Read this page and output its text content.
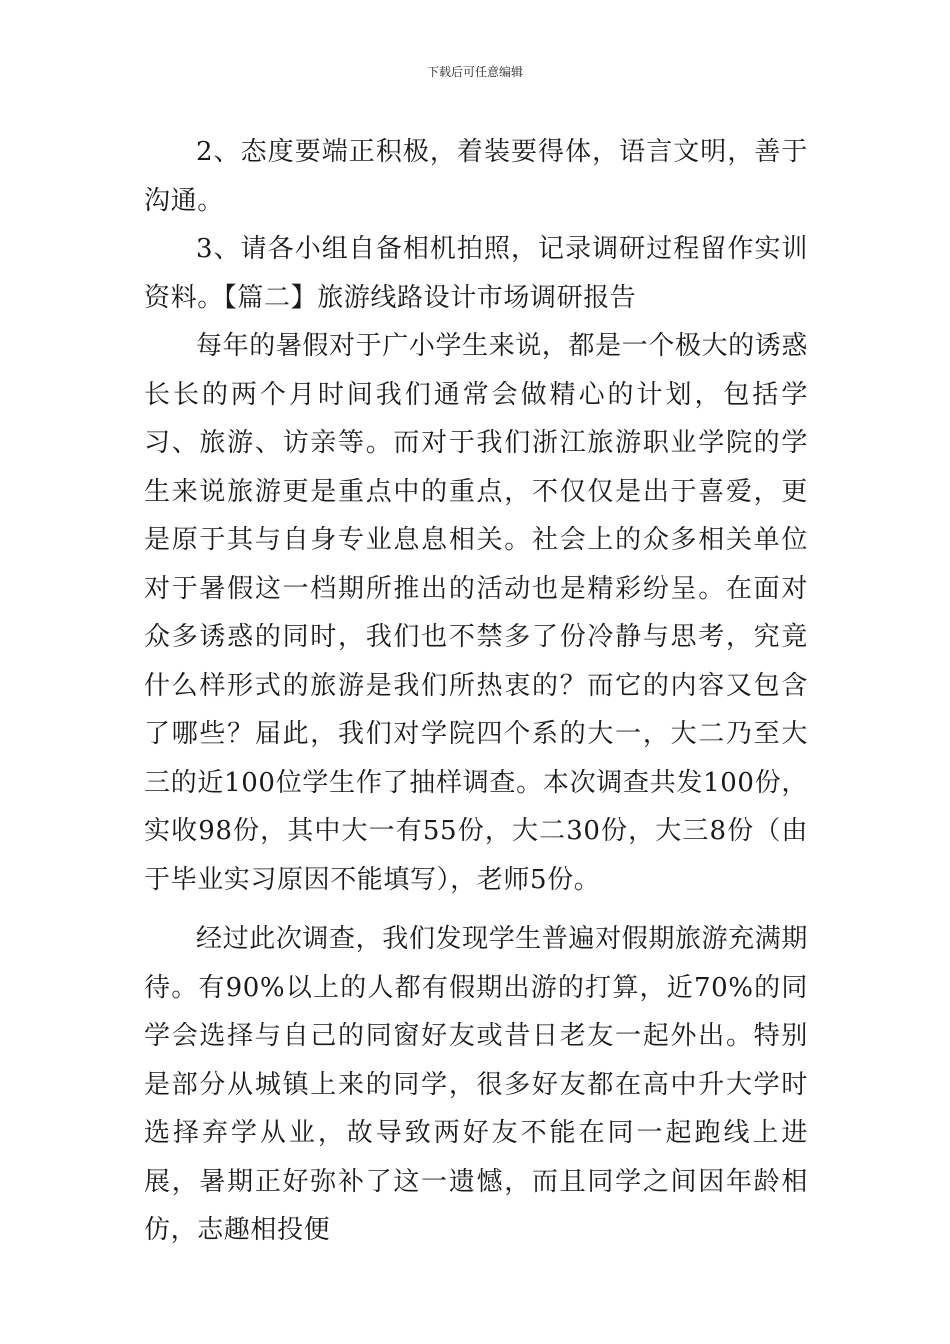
下载后可任意编辑

2、态度要端正积极，着装要得体，语言文明，善于沟通。

3、请各小组自备相机拍照，记录调研过程留作实训资料。【篇二】旅游线路设计市场调研报告

每年的暑假对于广小学生来说，都是一个极大的诱惑长长的两个月时间我们通常会做精心的计划，包括学习、旅游、访亲等。而对于我们浙江旅游职业学院的学生来说旅游更是重点中的重点，不仅仅是出于喜爱，更是原于其与自身专业息息相关。社会上的众多相关单位对于暑假这一档期所推出的活动也是精彩纷呈。在面对众多诱惑的同时，我们也不禁多了份冷静与思考，究竟什么样形式的旅游是我们所热衷的？而它的内容又包含了哪些？届此，我们对学院四个系的大一，大二乃至大三的近100位学生作了抽样调查。本次调查共发100份，实收98份，其中大一有55份，大二30份，大三8份（由于毕业实习原因不能填写），老师5份。

经过此次调查，我们发现学生普遍对假期旅游充满期待。有90%以上的人都有假期出游的打算，近70%的同学会选择与自己的同窗好友或昔日老友一起外出。特别是部分从城镇上来的同学，很多好友都在高中升大学时选择弃学从业，故导致两好友不能在同一起跑线上进展，暑期正好弥补了这一遗憾，而且同学之间因年龄相仿，志趣相投便
